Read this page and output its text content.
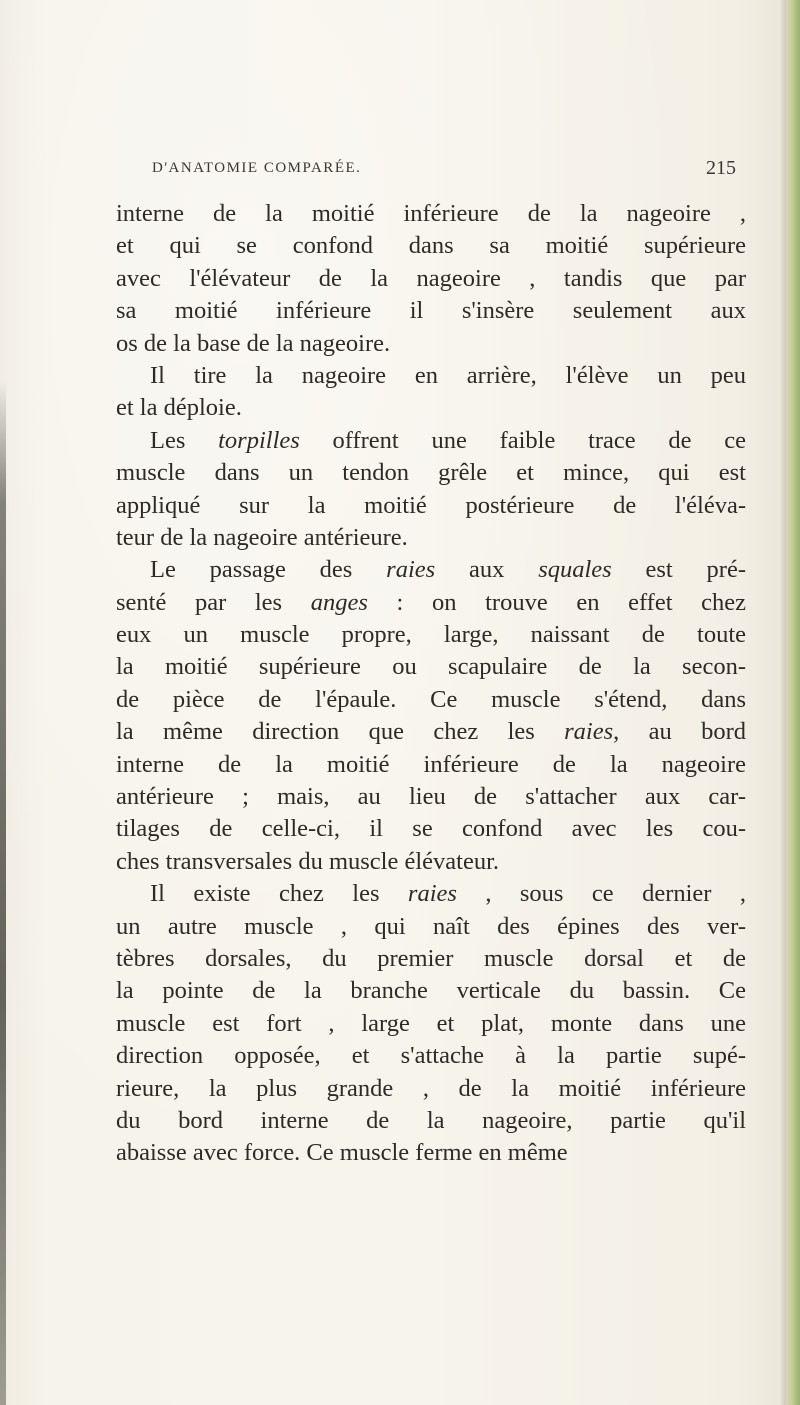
D'ANATOMIE COMPARÉE.	215
interne de la moitié inférieure de la nageoire ,
et qui se confond dans sa moitié supérieure
avec l'élévateur de la nageoire , tandis que par
sa moitié inférieure il s'insère seulement aux
os de la base de la nageoire.
Il tire la nageoire en arrière, l'élève un peu
et la déploie.
Les torpilles offrent une faible trace de ce
muscle dans un tendon grêle et mince, qui est
appliqué sur la moitié postérieure de l'éléva-
teur de la nageoire antérieure.
Le passage des raies aux squales est pré-
senté par les anges : on trouve en effet chez
eux un muscle propre, large, naissant de toute
la moitié supérieure ou scapulaire de la secon-
de pièce de l'épaule. Ce muscle s'étend, dans
la même direction que chez les raies, au bord
interne de la moitié inférieure de la nageoire
antérieure ; mais, au lieu de s'attacher aux car-
tilages de celle-ci, il se confond avec les cou-
ches transversales du muscle élévateur.
Il existe chez les raies , sous ce dernier ,
un autre muscle , qui naît des épines des ver-
tèbres dorsales, du premier muscle dorsal et de
la pointe de la branche verticale du bassin. Ce
muscle est fort , large et plat, monte dans une
direction opposée, et s'attache à la partie supé-
rieure, la plus grande , de la moitié inférieure
du bord interne de la nageoire, partie qu'il
abaisse avec force. Ce muscle ferme en même
